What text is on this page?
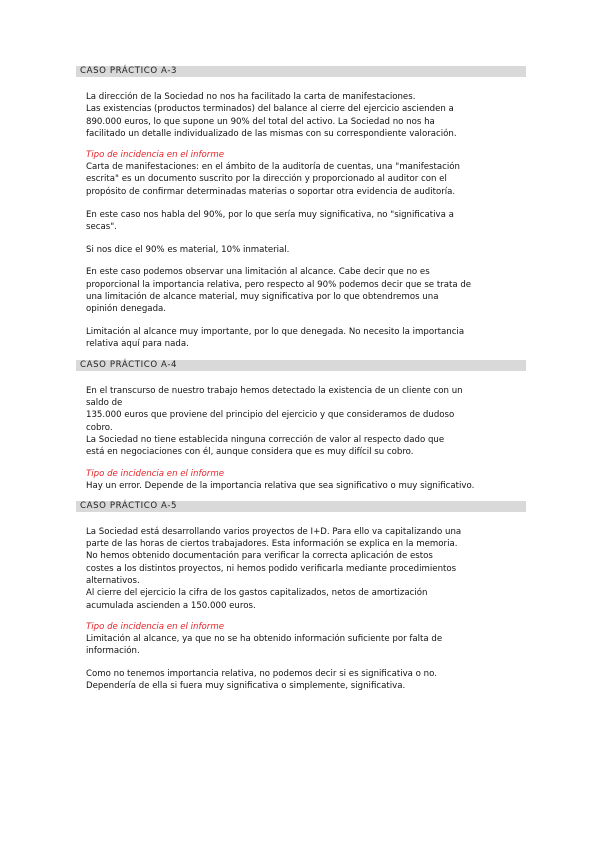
CASO PRÁCTICO A-3

La dirección de la Sociedad no nos ha facilitado la carta de manifestaciones.
Las existencias (productos terminados) del balance al cierre del ejercicio ascienden a
890.000 euros, lo que supone un 90% del total del activo. La Sociedad no nos ha
facilitado un detalle individualizado de las mismas con su correspondiente valoración.

Tipo de incidencia en el informe

Carta de manifestaciones: en el ámbito de la auditoría de cuentas, una "manifestación
escrita" es un documento suscrito por la dirección y proporcionado al auditor con el
propósito de confirmar determinadas materias o soportar otra evidencia de auditoría.

En este caso nos habla del 90%, por lo que sería muy significativa, no "significativa a
secas".

Si nos dice el 90% es material, 10% inmaterial.

En este caso podemos observar una limitación al alcance. Cabe decir que no es
proporcional la importancia relativa, pero respecto al 90% podemos decir que se trata de
una limitación de alcance material, muy significativa por lo que obtendremos una
opinión denegada.

Limitación al alcance muy importante, por lo que denegada. No necesito la importancia
relativa aquí para nada.

CASO PRÁCTICO A-4

En el transcurso de nuestro trabajo hemos detectado la existencia de un cliente con un
saldo de
135.000 euros que proviene del principio del ejercicio y que consideramos de dudoso
cobro.
La Sociedad no tiene establecida ninguna corrección de valor al respecto dado que
está en negociaciones con él, aunque considera que es muy difícil su cobro.

Tipo de incidencia en el informe

Hay un error. Depende de la importancia relativa que sea significativo o muy significativo.

CASO PRÁCTICO A-5

La Sociedad está desarrollando varios proyectos de I+D. Para ello va capitalizando una
parte de las horas de ciertos trabajadores. Esta información se explica en la memoria.
No hemos obtenido documentación para verificar la correcta aplicación de estos
costes a los distintos proyectos, ni hemos podido verificarla mediante procedimientos
alternativos.
Al cierre del ejercicio la cifra de los gastos capitalizados, netos de amortización
acumulada ascienden a 150.000 euros.

Tipo de incidencia en el informe

Limitación al alcance, ya que no se ha obtenido información suficiente por falta de
información.

Como no tenemos importancia relativa, no podemos decir si es significativa o no.
Dependería de ella si fuera muy significativa o simplemente, significativa.
